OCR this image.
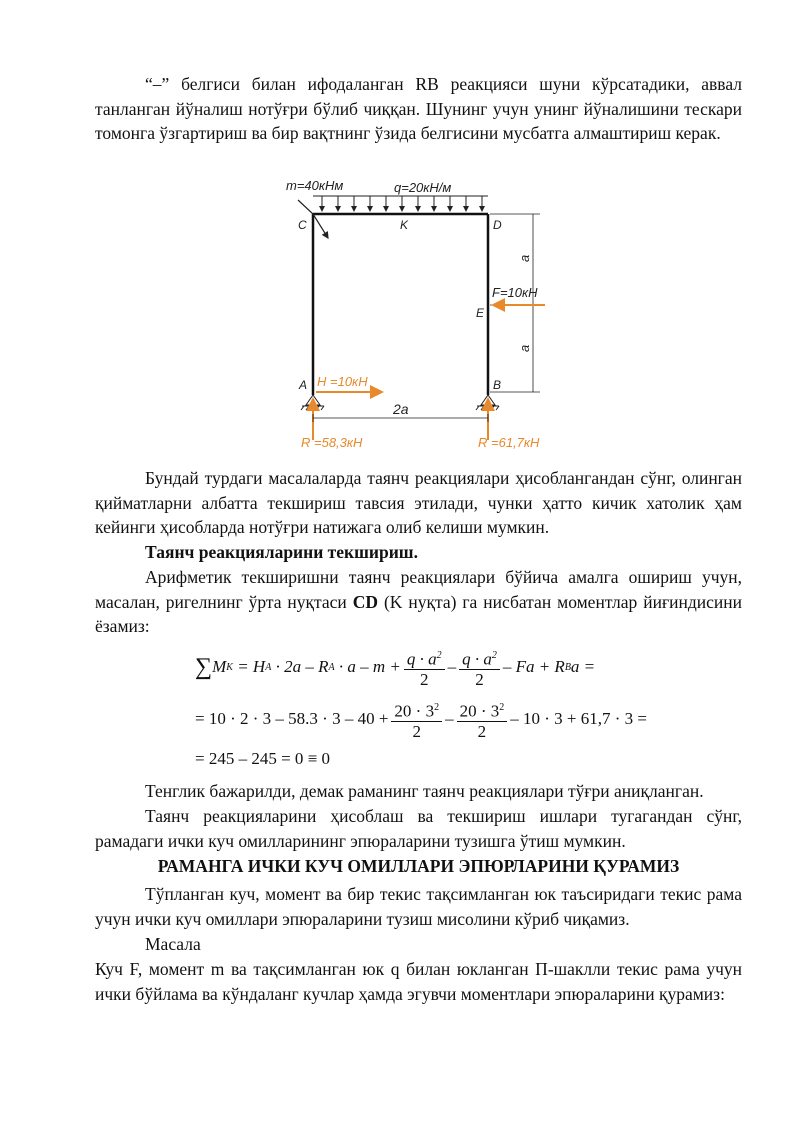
“–” белгиси билан ифодаланган RB реакцияси шуни кўрсатадики, аввал танланган йўналиш нотўғри бўлиб чиққан. Шунинг учун унинг йўналишини тескари томонга ўзгартириш ва бир вақтнинг ўзида белгисини мусбатга алмаштириш керак.

m=40кНм	q=20кН/м
C	K	D
E
A	B
a
a
F=10кН
H =10кН
2a
R =58,3кН	R =61,7кН

Бундай турдаги масалаларда таянч реакциялари ҳисоблангандан сўнг, олинган қийматларни албатта текшириш тавсия этилади, чунки ҳатто кичик хатолик ҳам кейинги ҳисобларда нотўғри натижага олиб келиши мумкин.

Таянч реакцияларини текшириш.

Арифметик текширишни таянч реакциялари бўйича амалга ошириш учун, масалан, ригелнинг ўрта нуқтаси CD (K нуқта) га нисбатан моментлар йиғиндисини ёзамиз:

∑ M K
= H A
· 2a – R A
· $a - m + \frac{q \cdot a^2}{2} - \frac{q \cdot a^2}{2} - Fa + R$ B a =
= $10 \cdot 2 \cdot 3 - 58.3 \cdot 3 - 40 + \frac{20 \cdot 3^2}{2} - \frac{20 \cdot 3^2}{2} - 10 \cdot 3 + 61,7 \cdot 3$ =
= 245 – 245 = 0 ≡ 0

Тенглик бажарилди, демак раманинг таянч реакциялари тўғри аниқланган.

Таянч реакцияларини ҳисоблаш ва текшириш ишлари тугагандан сўнг, рамадаги ички куч омилларининг эпюраларини тузишга ўтиш мумкин.

РАМАНГА ИЧКИ КУЧ ОМИЛЛАРИ ЭПЮРЛАРИНИ ҚУРАМИЗ

Тўпланган куч, момент ва бир текис тақсимланган юк таъсиридаги текис рама учун ички куч омиллари эпюраларини тузиш мисолини кўриб чиқамиз.

Масала

Куч F, момент m ва тақсимланган юк q билан юкланган П-шаклли текис рама учун ички бўйлама ва кўндаланг кучлар ҳамда эгувчи моментлари эпюраларини қурамиз:
